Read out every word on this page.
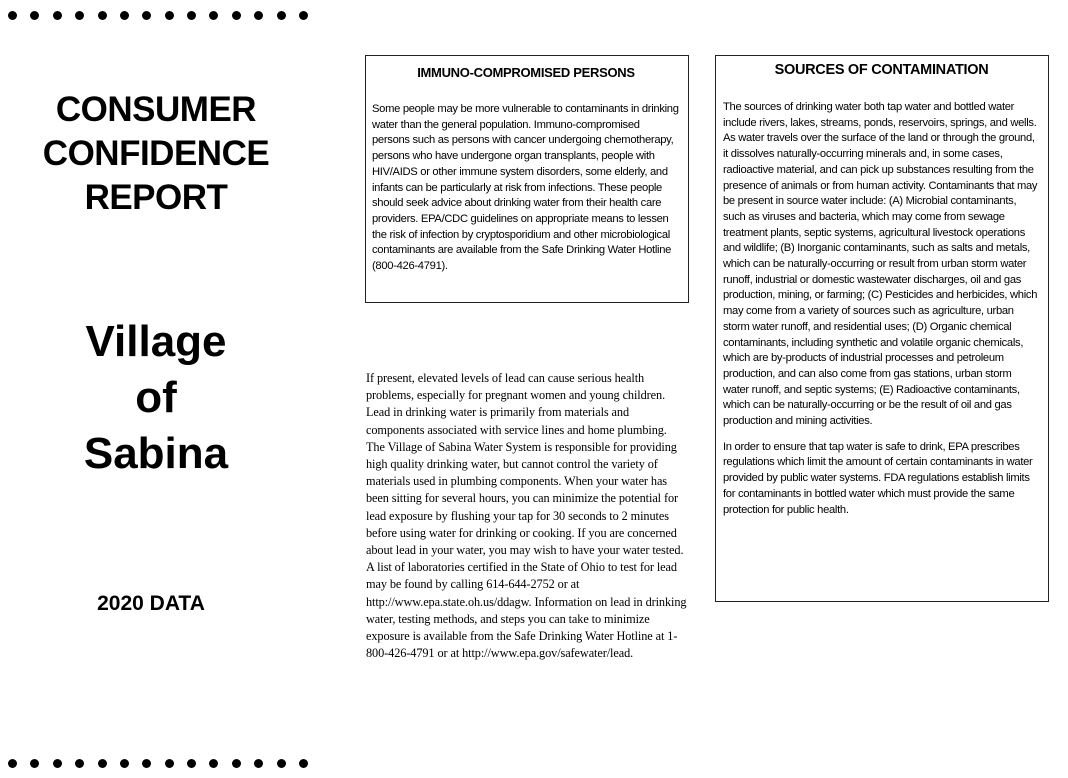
CONSUMER
CONFIDENCE
REPORT
Village
of
Sabina
2020 DATA
IMMUNO-COMPROMISED PERSONS
Some people may be more vulnerable to contaminants in drinking water than the general population. Immuno-compromised persons such as persons with cancer undergoing chemotherapy, persons who have undergone organ transplants, people with HIV/AIDS or other immune system disorders, some elderly, and infants can be particularly at risk from infections. These people should seek advice about drinking water from their health care providers. EPA/CDC guidelines on appropriate means to lessen the risk of infection by cryptosporidium and other microbiological contaminants are available from the Safe Drinking Water Hotline (800-426-4791).
If present, elevated levels of lead can cause serious health problems, especially for pregnant women and young children. Lead in drinking water is primarily from materials and components associated with service lines and home plumbing. The Village of Sabina Water System is responsible for providing high quality drinking water, but cannot control the variety of materials used in plumbing components. When your water has been sitting for several hours, you can minimize the potential for lead exposure by flushing your tap for 30 seconds to 2 minutes before using water for drinking or cooking. If you are concerned about lead in your water, you may wish to have your water tested. A list of laboratories certified in the State of Ohio to test for lead may be found by calling 614-644-2752 or at http://www.epa.state.oh.us/ddagw. Information on lead in drinking water, testing methods, and steps you can take to minimize exposure is available from the Safe Drinking Water Hotline at 1-800-426-4791 or at http://www.epa.gov/safewater/lead.
SOURCES OF CONTAMINATION

The sources of drinking water both tap water and bottled water include rivers, lakes, streams, ponds, reservoirs, springs, and wells. As water travels over the surface of the land or through the ground, it dissolves naturally-occurring minerals and, in some cases, radioactive material, and can pick up substances resulting from the presence of animals or from human activity. Contaminants that may be present in source water include: (A) Microbial contaminants, such as viruses and bacteria, which may come from sewage treatment plants, septic systems, agricultural livestock operations and wildlife; (B) Inorganic contaminants, such as salts and metals, which can be naturally-occurring or result from urban storm water runoff, industrial or domestic wastewater discharges, oil and gas production, mining, or farming; (C) Pesticides and herbicides, which may come from a variety of sources such as agriculture, urban storm water runoff, and residential uses; (D) Organic chemical contaminants, including synthetic and volatile organic chemicals, which are by-products of industrial processes and petroleum production, and can also come from gas stations, urban storm water runoff, and septic systems; (E) Radioactive contaminants, which can be naturally-occurring or be the result of oil and gas production and mining activities.

In order to ensure that tap water is safe to drink, EPA prescribes regulations which limit the amount of certain contaminants in water provided by public water systems. FDA regulations establish limits for contaminants in bottled water which must provide the same protection for public health.
